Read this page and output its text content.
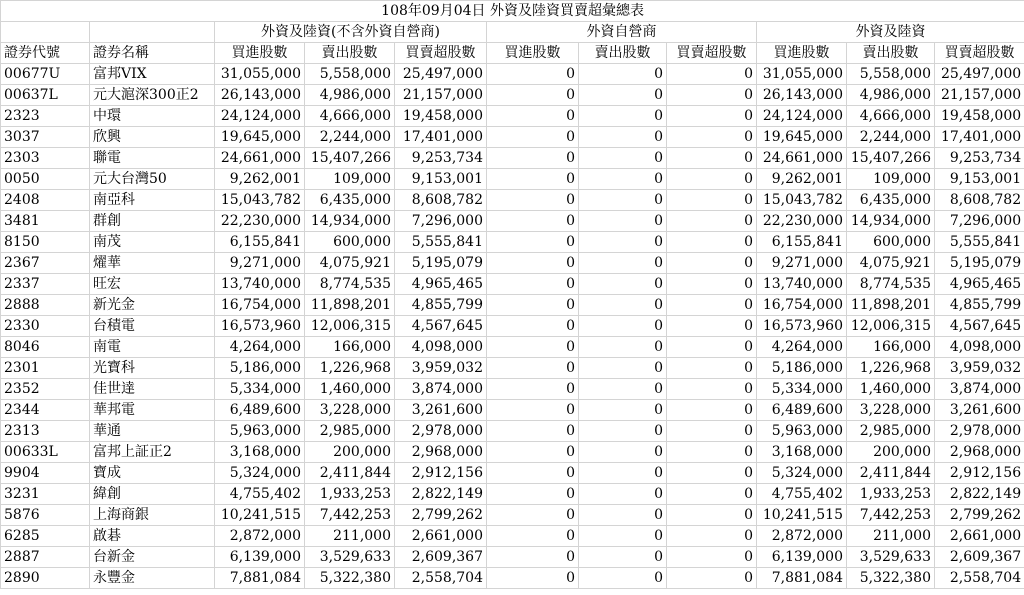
108年09月04日 外資及陸資買賣超彙總表										
		外資及陸資(不含外資自營商)			外資自營商			外資及陸資		
證券代號	證券名稱	買進股數	賣出股數	買賣超股數	買進股數	賣出股數	買賣超股數	買進股數	賣出股數	買賣超股數
00677U	富邦VIX	31,055,000	5,558,000	25,497,000	0	0	0	31,055,000	5,558,000	25,497,000
00637L	元大滬深300正2	26,143,000	4,986,000	21,157,000	0	0	0	26,143,000	4,986,000	21,157,000
2323	中環	24,124,000	4,666,000	19,458,000	0	0	0	24,124,000	4,666,000	19,458,000
3037	欣興	19,645,000	2,244,000	17,401,000	0	0	0	19,645,000	2,244,000	17,401,000
2303	聯電	24,661,000	15,407,266	9,253,734	0	0	0	24,661,000	15,407,266	9,253,734
0050	元大台灣50	9,262,001	109,000	9,153,001	0	0	0	9,262,001	109,000	9,153,001
2408	南亞科	15,043,782	6,435,000	8,608,782	0	0	0	15,043,782	6,435,000	8,608,782
3481	群創	22,230,000	14,934,000	7,296,000	0	0	0	22,230,000	14,934,000	7,296,000
8150	南茂	6,155,841	600,000	5,555,841	0	0	0	6,155,841	600,000	5,555,841
2367	燿華	9,271,000	4,075,921	5,195,079	0	0	0	9,271,000	4,075,921	5,195,079
2337	旺宏	13,740,000	8,774,535	4,965,465	0	0	0	13,740,000	8,774,535	4,965,465
2888	新光金	16,754,000	11,898,201	4,855,799	0	0	0	16,754,000	11,898,201	4,855,799
2330	台積電	16,573,960	12,006,315	4,567,645	0	0	0	16,573,960	12,006,315	4,567,645
8046	南電	4,264,000	166,000	4,098,000	0	0	0	4,264,000	166,000	4,098,000
2301	光寶科	5,186,000	1,226,968	3,959,032	0	0	0	5,186,000	1,226,968	3,959,032
2352	佳世達	5,334,000	1,460,000	3,874,000	0	0	0	5,334,000	1,460,000	3,874,000
2344	華邦電	6,489,600	3,228,000	3,261,600	0	0	0	6,489,600	3,228,000	3,261,600
2313	華通	5,963,000	2,985,000	2,978,000	0	0	0	5,963,000	2,985,000	2,978,000
00633L	富邦上証正2	3,168,000	200,000	2,968,000	0	0	0	3,168,000	200,000	2,968,000
9904	寶成	5,324,000	2,411,844	2,912,156	0	0	0	5,324,000	2,411,844	2,912,156
3231	緯創	4,755,402	1,933,253	2,822,149	0	0	0	4,755,402	1,933,253	2,822,149
5876	上海商銀	10,241,515	7,442,253	2,799,262	0	0	0	10,241,515	7,442,253	2,799,262
6285	啟碁	2,872,000	211,000	2,661,000	0	0	0	2,872,000	211,000	2,661,000
2887	台新金	6,139,000	3,529,633	2,609,367	0	0	0	6,139,000	3,529,633	2,609,367
2890	永豐金	7,881,084	5,322,380	2,558,704	0	0	0	7,881,084	5,322,380	2,558,704
